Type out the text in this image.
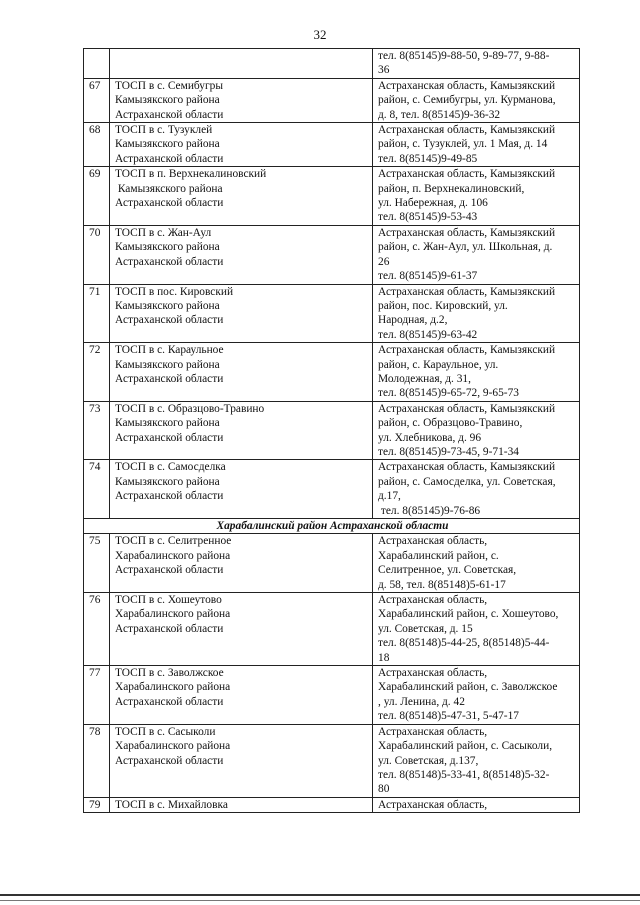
32

		тел. 8(85145)9-88-50, 9-89-77, 9-88-
36

67	ТОСП в с. Семибугры
Камызякского района
Астраханской области	Астраханская область, Камызякский
район, с. Семибугры, ул. Курманова,
д. 8, тел. 8(85145)9-36-32

68	ТОСП в с. Тузуклей
Камызякского района
Астраханской области	Астраханская область, Камызякский
район, с. Тузуклей, ул. 1 Мая, д. 14
тел. 8(85145)9-49-85

69	ТОСП в п. Верхнекалиновский
Камызякского района
Астраханской области	Астраханская область, Камызякский
район, п. Верхнекалиновский,
ул. Набережная, д. 106
тел. 8(85145)9-53-43

70	ТОСП в с. Жан-Аул
Камызякского района
Астраханской области	Астраханская область, Камызякский
район, с. Жан-Аул, ул. Школьная, д.
26
тел. 8(85145)9-61-37

71	ТОСП в пос. Кировский
Камызякского района
Астраханской области	Астраханская область, Камызякский
район, пос. Кировский, ул.
Народная, д.2,
тел. 8(85145)9-63-42

72	ТОСП в с. Караульное
Камызякского района
Астраханской области	Астраханская область, Камызякский
район, с. Караульное, ул.
Молодежная, д. 31,
тел. 8(85145)9-65-72, 9-65-73

73	ТОСП в с. Образцово-Травино
Камызякского района
Астраханской области	Астраханская область, Камызякский
район, с. Образцово-Травино,
ул. Хлебникова, д. 96
тел. 8(85145)9-73-45, 9-71-34

74	ТОСП в с. Самосделка
Камызякского района
Астраханской области	Астраханская область, Камызякский
район, с. Самосделка, ул. Советская,
д.17,
тел. 8(85145)9-76-86

Харабалинский район Астраханской области		
75	ТОСП в с. Селитренное
Харабалинского района
Астраханской области	Астраханская область,
Харабалинский район, с.
Селитренное, ул. Советская,
д. 58, тел. 8(85148)5-61-17

76	ТОСП в с. Хошеутово
Харабалинского района
Астраханской области	Астраханская область,
Харабалинский район, с. Хошеутово,
ул. Советская, д. 15
тел. 8(85148)5-44-25, 8(85148)5-44-
18

77	ТОСП в с. Заволжское
Харабалинского района
Астраханской области	Астраханская область,
Харабалинский район, с. Заволжское
, ул. Ленина, д. 42
тел. 8(85148)5-47-31, 5-47-17

78	ТОСП в с. Сасыколи
Харабалинского района
Астраханской области	Астраханская область,
Харабалинский район, с. Сасыколи,
ул. Советская, д.137,
тел. 8(85148)5-33-41, 8(85148)5-32-
80

79	ТОСП в с. Михайловка	Астраханская область,
